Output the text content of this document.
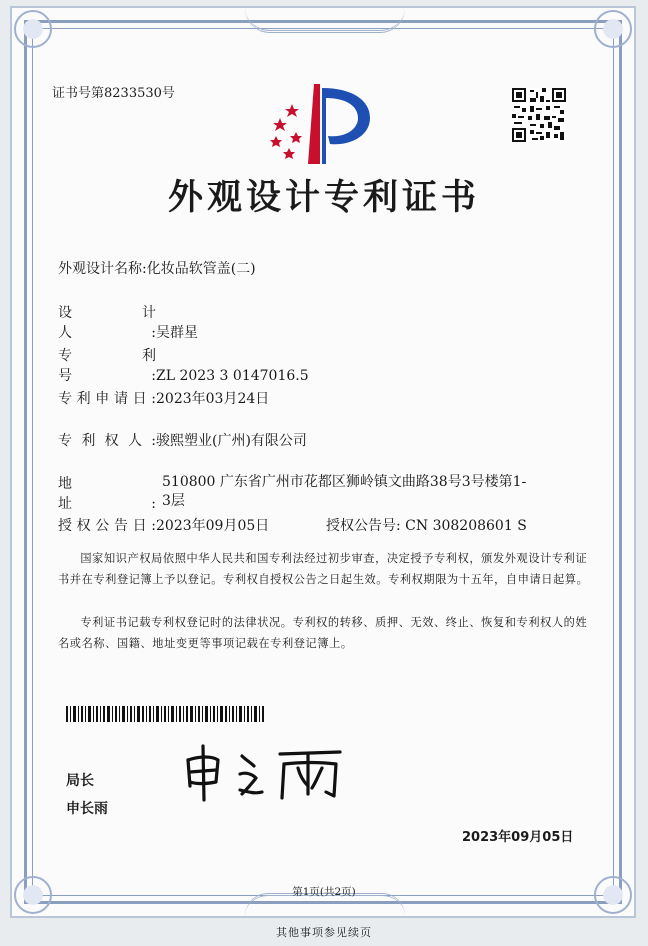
证书号第8233530号
外观设计专利证书
外观设计名称:化妆品软管盖(二)
设　　计　　人:吴群星
专　　利　　号:ZL 2023 3 0147016.5
专利申请日:2023年03月24日
专利权人:骏熙塑业(广州)有限公司
地　　　　　　址:
510800 广东省广州市花都区狮岭镇文曲路38号3号楼第1-3层
授权公告日:2023年09月05日	授权公告号: CN 308208601 S
国家知识产权局依照中华人民共和国专利法经过初步审查，决定授予专利权，颁发外观设计专利证书并在专利登记簿上予以登记。专利权自授权公告之日起生效。专利权期限为十五年，自申请日起算。
专利证书记载专利权登记时的法律状况。专利权的转移、质押、无效、终止、恢复和专利权人的姓名或名称、国籍、地址变更等事项记载在专利登记簿上。
局长
申长雨
2023年09月05日
第1页(共2页)
其他事项参见续页
